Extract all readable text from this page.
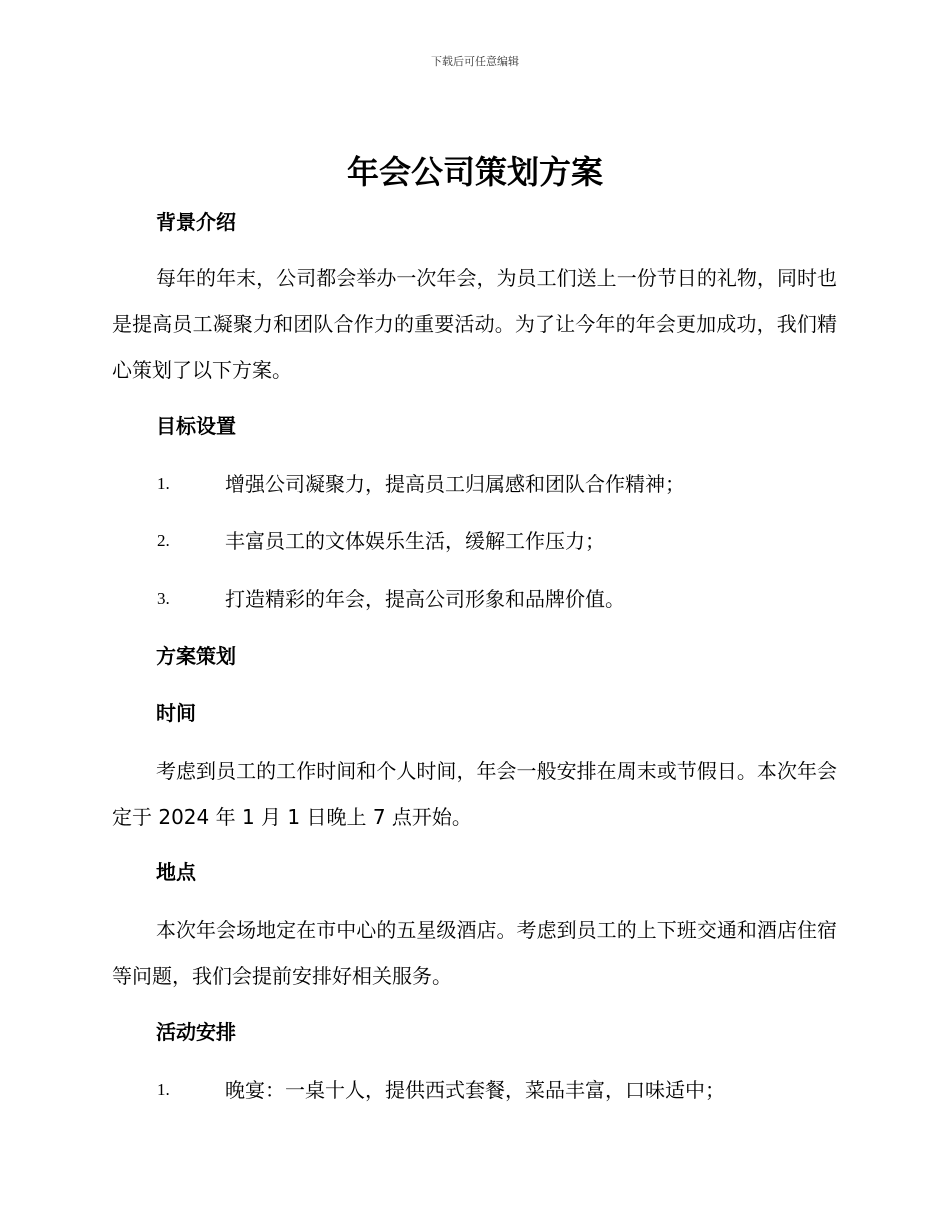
下载后可任意编辑
年会公司策划方案
背景介绍

每年的年末，公司都会举办一次年会，为员工们送上一份节日的礼物，同时也是提高员工凝聚力和团队合作力的重要活动。为了让今年的年会更加成功，我们精心策划了以下方案。

目标设置
1.	增强公司凝聚力，提高员工归属感和团队合作精神；
2.	丰富员工的文体娱乐生活，缓解工作压力；
3.	打造精彩的年会，提高公司形象和品牌价值。
方案策划
时间

考虑到员工的工作时间和个人时间，年会一般安排在周末或节假日。本次年会定于 2024 年 1 月 1 日晚上 7 点开始。

地点

本次年会场地定在市中心的五星级酒店。考虑到员工的上下班交通和酒店住宿等问题，我们会提前安排好相关服务。

活动安排
1.	晚宴：一桌十人，提供西式套餐，菜品丰富，口味适中；
